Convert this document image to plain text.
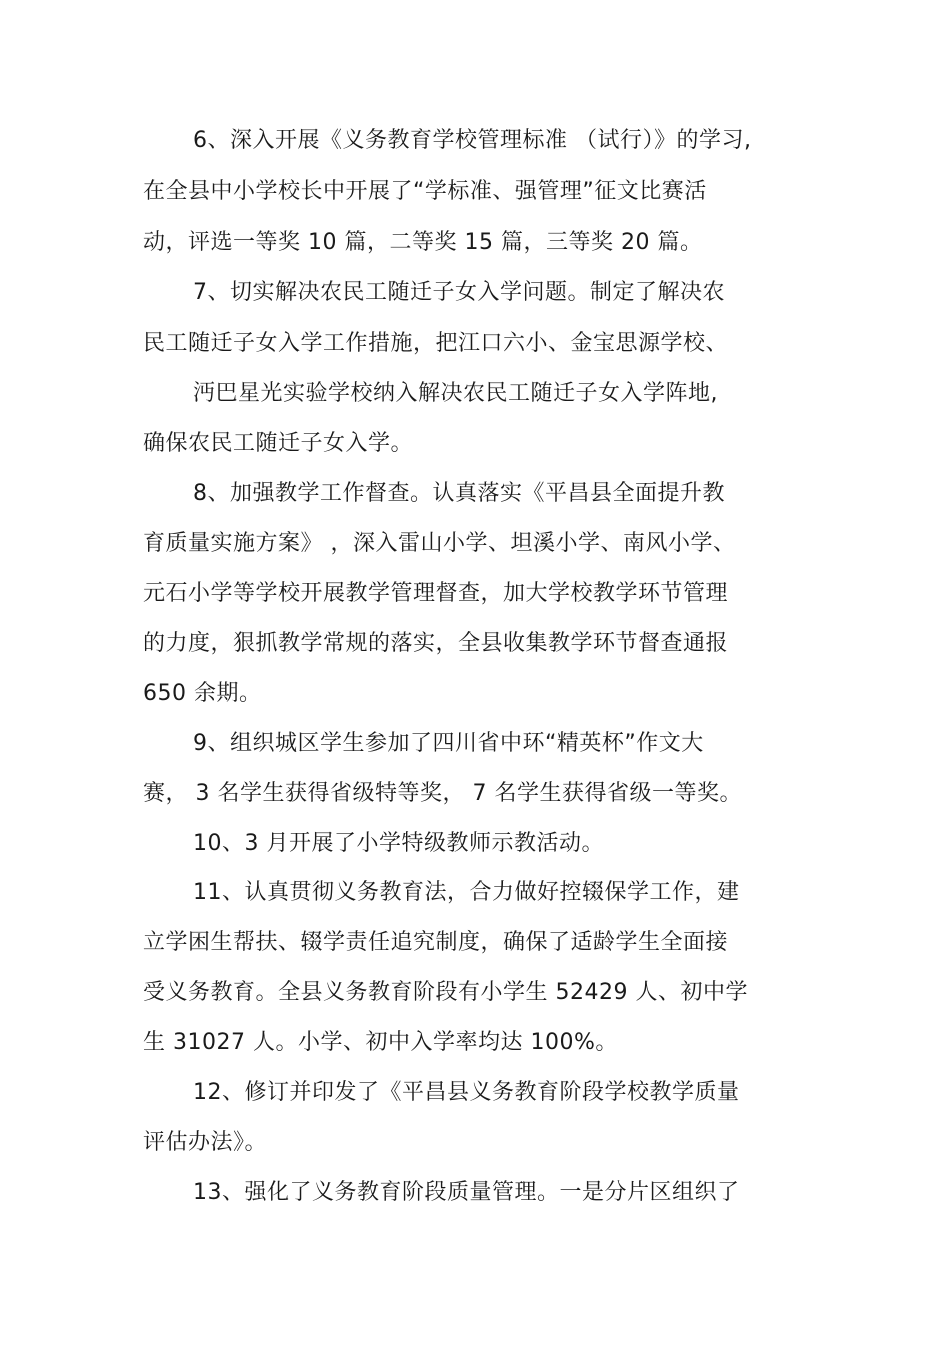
6、深入开展《义务教育学校管理标准 （试行）》的学习,
在全县中小学校长中开展了“学标准、强管理”征文比赛活
动，评选一等奖 10 篇，二等奖 15 篇，三等奖 20 篇。
7、切实解决农民工随迁子女入学问题。制定了解决农
民工随迁子女入学工作措施，把江口六小、金宝思源学校、
沔巴星光实验学校纳入解决农民工随迁子女入学阵地,
确保农民工随迁子女入学。
8、加强教学工作督查。认真落实《平昌县全面提升教
育质量实施方案》 ，深入雷山小学、坦溪小学、南风小学、
元石小学等学校开展教学管理督查，加大学校教学环节管理
的力度，狠抓教学常规的落实，全县收集教学环节督查通报
650 余期。
9、组织城区学生参加了四川省中环“精英杯”作文大
赛， 3 名学生获得省级特等奖， 7 名学生获得省级一等奖。
10、3 月开展了小学特级教师示教活动。
11、认真贯彻义务教育法，合力做好控辍保学工作，建
立学困生帮扶、辍学责任追究制度，确保了适龄学生全面接
受义务教育。全县义务教育阶段有小学生 52429 人、初中学
生 31027 人。小学、初中入学率均达 100%。
12、修订并印发了《平昌县义务教育阶段学校教学质量
评估办法》。
13、强化了义务教育阶段质量管理。一是分片区组织了
